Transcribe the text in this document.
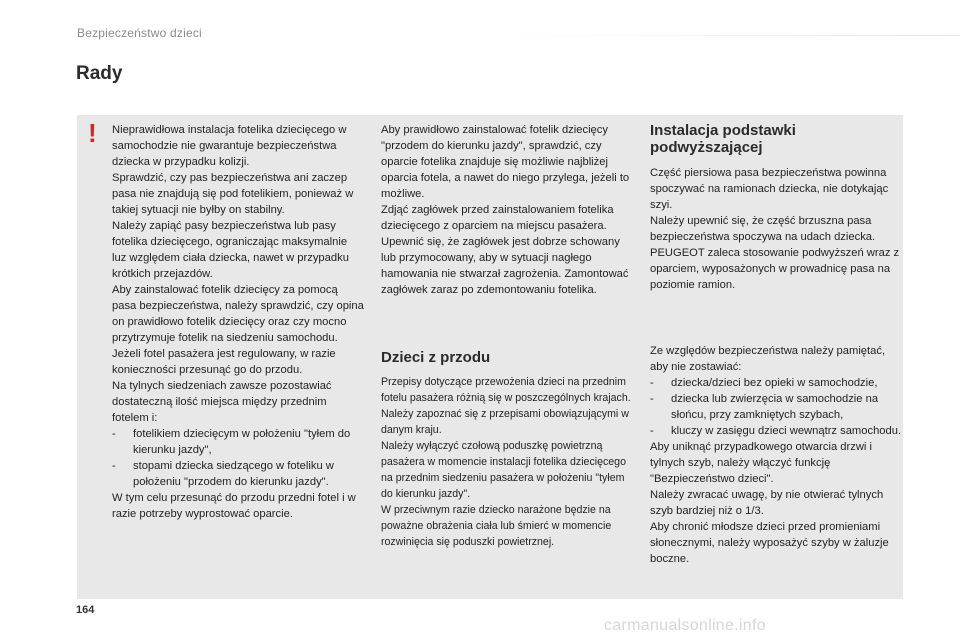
Bezpieczeństwo dzieci
Rady
! Nieprawidłowa instalacja fotelika dziecięcego w samochodzie nie gwarantuje bezpieczeństwa dziecka w przypadku kolizji.

Sprawdzić, czy pas bezpieczeństwa ani zaczep pasa nie znajdują się pod fotelikiem, ponieważ w takiej sytuacji nie byłby on stabilny.

Należy zapiąć pasy bezpieczeństwa lub pasy fotelika dziecięcego, ograniczając maksymalnie luz względem ciała dziecka, nawet w przypadku krótkich przejazdów.

Aby zainstalować fotelik dziecięcy za pomocą pasa bezpieczeństwa, należy sprawdzić, czy opina on prawidłowo fotelik dziecięcy oraz czy mocno przytrzymuje fotelik na siedzeniu samochodu. Jeżeli fotel pasażera jest regulowany, w razie konieczności przesunąć go do przodu.

Na tylnych siedzeniach zawsze pozostawiać dostateczną ilość miejsca między przednim fotelem i:

-	fotelikiem dziecięcym w położeniu "tyłem do kierunku jazdy",
-	stopami dziecka siedzącego w foteliku w położeniu "przodem do kierunku jazdy".

W tym celu przesunąć do przodu przedni fotel i w razie potrzeby wyprostować oparcie.

Aby prawidłowo zainstalować fotelik dziecięcy "przodem do kierunku jazdy", sprawdzić, czy oparcie fotelika znajduje się możliwie najbliżej oparcia fotela, a nawet do niego przylega, jeżeli to możliwe.

Zdjąć zagłówek przed zainstalowaniem fotelika dziecięcego z oparciem na miejscu pasażera.

Upewnić się, że zagłówek jest dobrze schowany lub przymocowany, aby w sytuacji nagłego hamowania nie stwarzał zagrożenia. Zamontować zagłówek zaraz po zdemontowaniu fotelika.

Dzieci z przodu

Przepisy dotyczące przewożenia dzieci na przednim fotelu pasażera różnią się w poszczególnych krajach. Należy zapoznać się z przepisami obowiązującymi w danym kraju.

Należy wyłączyć czołową poduszkę powietrzną pasażera w momencie instalacji fotelika dziecięcego na przednim siedzeniu pasażera w położeniu "tyłem do kierunku jazdy".

W przeciwnym razie dziecko narażone będzie na poważne obrażenia ciała lub śmierć w momencie rozwinięcia się poduszki powietrznej.

Instalacja podstawki podwyższającej

Część piersiowa pasa bezpieczeństwa powinna spoczywać na ramionach dziecka, nie dotykając szyi.

Należy upewnić się, że część brzuszna pasa bezpieczeństwa spoczywa na udach dziecka.

PEUGEOT zaleca stosowanie podwyższeń wraz z oparciem, wyposażonych w prowadnicę pasa na poziomie ramion.

Ze względów bezpieczeństwa należy pamiętać, aby nie zostawiać:

-	dziecka/dzieci bez opieki w samochodzie,
-	dziecka lub zwierzęcia w samochodzie na słońcu, przy zamkniętych szybach,
-	kluczy w zasięgu dzieci wewnątrz samochodu.

Aby uniknąć przypadkowego otwarcia drzwi i tylnych szyb, należy włączyć funkcję "Bezpieczeństwo dzieci".

Należy zwracać uwagę, by nie otwierać tylnych szyb bardziej niż o 1/3.

Aby chronić młodsze dzieci przed promieniami słonecznymi, należy wyposażyć szyby w żaluzje boczne.

164
carmanualsonline.info
